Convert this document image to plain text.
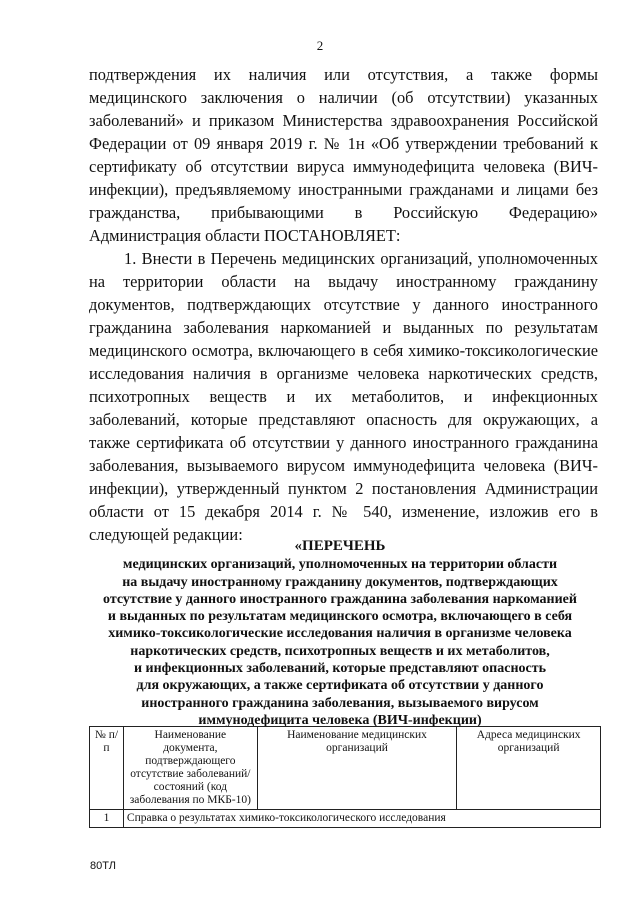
2

подтверждения их наличия или отсутствия, а также формы медицинского заключения о наличии (об отсутствии) указанных заболеваний» и приказом Министерства здравоохранения Российской Федерации от 09 января 2019 г. № 1н «Об утверждении требований к сертификату об отсутствии вируса иммунодефицита человека (ВИЧ-инфекции), предъявляемому иностранными гражданами и лицами без гражданства, прибывающими в Российскую Федерацию» Администрация области ПОСТАНОВЛЯЕТ:

1. Внести в Перечень медицинских организаций, уполномоченных на территории области на выдачу иностранному гражданину документов, подтверждающих отсутствие у данного иностранного гражданина заболевания наркоманией и выданных по результатам медицинского осмотра, включающего в себя химико-токсикологические исследования наличия в организме человека наркотических средств, психотропных веществ и их метаболитов, и инфекционных заболеваний, которые представляют опасность для окружающих, а также сертификата об отсутствии у данного иностранного гражданина заболевания, вызываемого вирусом иммунодефицита человека (ВИЧ-инфекции), утвержденный пунктом 2 постановления Администрации области от 15 декабря 2014 г. № 540, изменение, изложив его в следующей редакции:

«ПЕРЕЧЕНЬ
медицинских организаций, уполномоченных на территории области
на выдачу иностранному гражданину документов, подтверждающих
отсутствие у данного иностранного гражданина заболевания наркоманией
и выданных по результатам медицинского осмотра, включающего в себя
химико-токсикологические исследования наличия в организме человека
наркотических средств, психотропных веществ и их метаболитов,
и инфекционных заболеваний, которые представляют опасность
для окружающих, а также сертификата об отсутствии у данного
иностранного гражданина заболевания, вызываемого вирусом
иммунодефицита человека (ВИЧ-инфекции)
№ п/п	Наименование документа, подтверждающего отсутствие заболеваний/состояний (код заболевания по МКБ-10)	Наименование медицинских организаций	Адреса медицинских организаций
1	Справка о результатах химико-токсикологического исследования		
80ТЛ
